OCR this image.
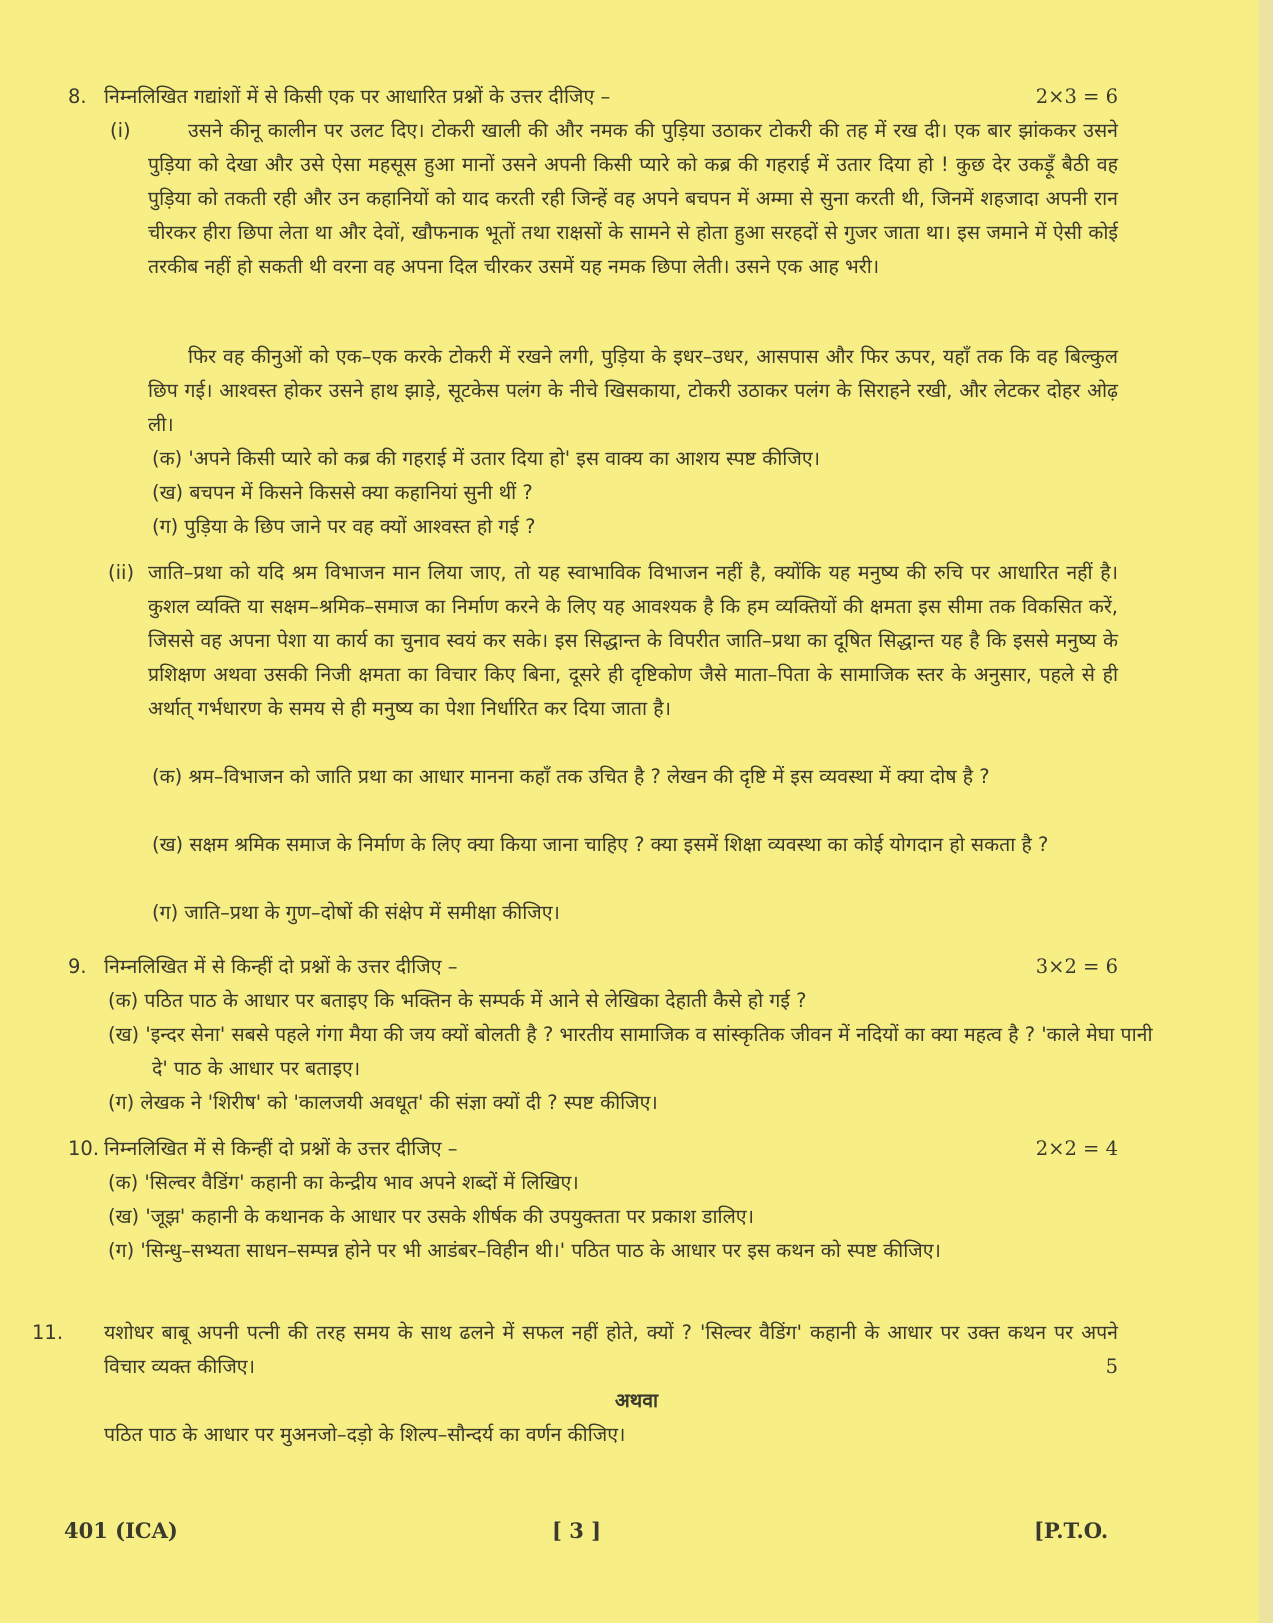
8. निम्नलिखित गद्यांशों में से किसी एक पर आधारित प्रश्नों के उत्तर दीजिए –	2×3 = 6
(i)	उसने कीनू कालीन पर उलट दिए। टोकरी खाली की और नमक की पुड़िया उठाकर टोकरी की तह में रख दी। एक बार झांककर उसने पुड़िया को देखा और उसे ऐसा महसूस हुआ मानों उसने अपनी किसी प्यारे को कब्र की गहराई में उतार दिया हो ! कुछ देर उकड़ूँ बैठी वह पुड़िया को तकती रही और उन कहानियों को याद करती रही जिन्हें वह अपने बचपन में अम्मा से सुना करती थी, जिनमें शहजादा अपनी रान चीरकर हीरा छिपा लेता था और देवों, खौफनाक भूतों तथा राक्षसों के सामने से होता हुआ सरहदों से गुजर जाता था। इस जमाने में ऐसी कोई तरकीब नहीं हो सकती थी वरना वह अपना दिल चीरकर उसमें यह नमक छिपा लेती। उसने एक आह भरी।
फिर वह कीनुओं को एक–एक करके टोकरी में रखने लगी, पुड़िया के इधर–उधर, आसपास और फिर ऊपर, यहाँ तक कि वह बिल्कुल छिप गई। आश्वस्त होकर उसने हाथ झाड़े, सूटकेस पलंग के नीचे खिसकाया, टोकरी उठाकर पलंग के सिराहने रखी, और लेटकर दोहर ओढ़ ली।
(क) 'अपने किसी प्यारे को कब्र की गहराई में उतार दिया हो' इस वाक्य का आशय स्पष्ट कीजिए।
(ख) बचपन में किसने किससे क्या कहानियां सुनी थीं ?
(ग) पुड़िया के छिप जाने पर वह क्यों आश्वस्त हो गई ?
(ii) जाति–प्रथा को यदि श्रम विभाजन मान लिया जाए, तो यह स्वाभाविक विभाजन नहीं है, क्योंकि यह मनुष्य की रुचि पर आधारित नहीं है। कुशल व्यक्ति या सक्षम–श्रमिक–समाज का निर्माण करने के लिए यह आवश्यक है कि हम व्यक्तियों की क्षमता इस सीमा तक विकसित करें, जिससे वह अपना पेशा या कार्य का चुनाव स्वयं कर सके। इस सिद्धान्त के विपरीत जाति–प्रथा का दूषित सिद्धान्त यह है कि इससे मनुष्य के प्रशिक्षण अथवा उसकी निजी क्षमता का विचार किए बिना, दूसरे ही दृष्टिकोण जैसे माता–पिता के सामाजिक स्तर के अनुसार, पहले से ही अर्थात् गर्भधारण के समय से ही मनुष्य का पेशा निर्धारित कर दिया जाता है।
(क) श्रम–विभाजन को जाति प्रथा का आधार मानना कहाँ तक उचित है ? लेखन की दृष्टि में इस व्यवस्था में क्या दोष है ?
(ख) सक्षम श्रमिक समाज के निर्माण के लिए क्या किया जाना चाहिए ? क्या इसमें शिक्षा व्यवस्था का कोई योगदान हो सकता है ?
(ग) जाति–प्रथा के गुण–दोषों की संक्षेप में समीक्षा कीजिए।
9. निम्नलिखित में से किन्हीं दो प्रश्नों के उत्तर दीजिए –	3×2 = 6
(क) पठित पाठ के आधार पर बताइए कि भक्तिन के सम्पर्क में आने से लेखिका देहाती कैसे हो गई ?
(ख) 'इन्दर सेना' सबसे पहले गंगा मैया की जय क्यों बोलती है ? भारतीय सामाजिक व सांस्कृतिक जीवन में नदियों का क्या महत्व है ? 'काले मेघा पानी दे' पाठ के आधार पर बताइए।
(ग) लेखक ने 'शिरीष' को 'कालजयी अवधूत' की संज्ञा क्यों दी ? स्पष्ट कीजिए।
10. निम्नलिखित में से किन्हीं दो प्रश्नों के उत्तर दीजिए –	2×2 = 4
(क) 'सिल्वर वैडिंग' कहानी का केन्द्रीय भाव अपने शब्दों में लिखिए।
(ख) 'जूझ' कहानी के कथानक के आधार पर उसके शीर्षक की उपयुक्तता पर प्रकाश डालिए।
(ग) 'सिन्धु–सभ्यता साधन–सम्पन्न होने पर भी आडंबर–विहीन थी।' पठित पाठ के आधार पर इस कथन को स्पष्ट कीजिए।
11. यशोधर बाबू अपनी पत्नी की तरह समय के साथ ढलने में सफल नहीं होते, क्यों ? 'सिल्वर वैडिंग' कहानी के आधार पर उक्त कथन पर अपने विचार व्यक्त कीजिए।	5
अथवा
पठित पाठ के आधार पर मुअनजो–दड़ो के शिल्प–सौन्दर्य का वर्णन कीजिए।
401 (ICA)	[ 3 ]	[P.T.O.
